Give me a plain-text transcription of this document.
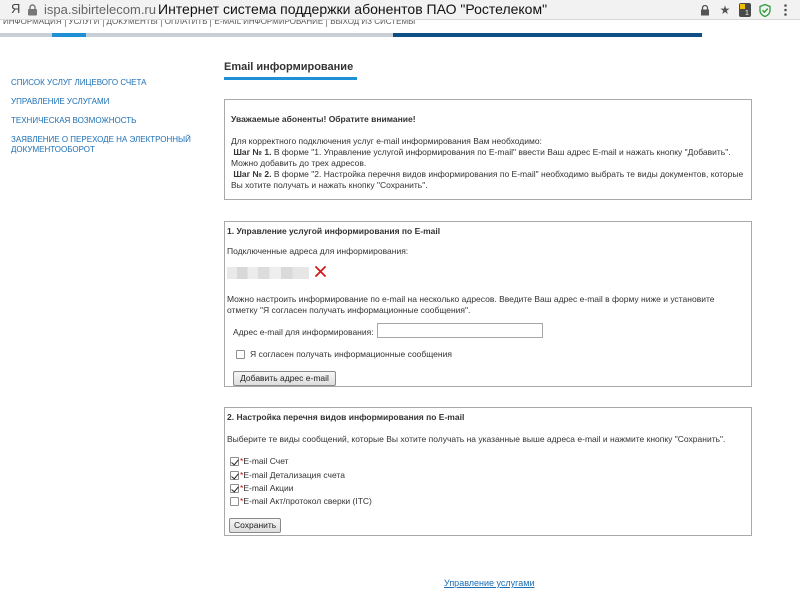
Я ispa.sibirtelecom.ru Интернет система поддержки абонентов ПАО "Ростелеком"	★ 1
ИНФОРМАЦИЯ УСЛУГИ ДОКУМЕНТЫ ОПЛАТИТЬ E-MAIL ИНФОРМИРОВАНИЕ ВЫХОД ИЗ СИСТЕМЫ
СПИСОК УСЛУГ ЛИЦЕВОГО СЧЕТА
УПРАВЛЕНИЕ УСЛУГАМИ
ТЕХНИЧЕСКАЯ ВОЗМОЖНОСТЬ
ЗАЯВЛЕНИЕ О ПЕРЕХОДЕ НА ЭЛЕКТРОННЫЙ ДОКУМЕНТООБОРОТ
Email информирование
Уважаемые абоненты! Обратите внимание!
Для корректного подключения услуг e-mail информирования Вам необходимо:
Шаг № 1. В форме "1. Управление услугой информирования по E-mail" ввести Ваш адрес E-mail и нажать кнопку "Добавить". Можно добавить до трех адресов.
Шаг № 2. В форме "2. Настройка перечня видов информирования по E-mail" необходимо выбрать те виды документов, которые Вы хотите получать и нажать кнопку "Сохранить".
1. Управление услугой информирования по E-mail
Подключенные адреса для информирования:
Можно настроить информирование по e-mail на несколько адресов. Введите Ваш адрес e-mail в форму ниже и установите отметку "Я согласен получать информационные сообщения".
Адрес e-mail для информирования:
Я согласен получать информационные сообщения
Добавить адрес e-mail
2. Настройка перечня видов информирования по E-mail
Выберите те виды сообщений, которые Вы хотите получать на указанные выше адреса e-mail и нажмите кнопку "Сохранить".
*E-mail Счет
*E-mail Детализация счета
*E-mail Акции
*E-mail Акт/протокол сверки (ITC)
Сохранить
Управление услугами
